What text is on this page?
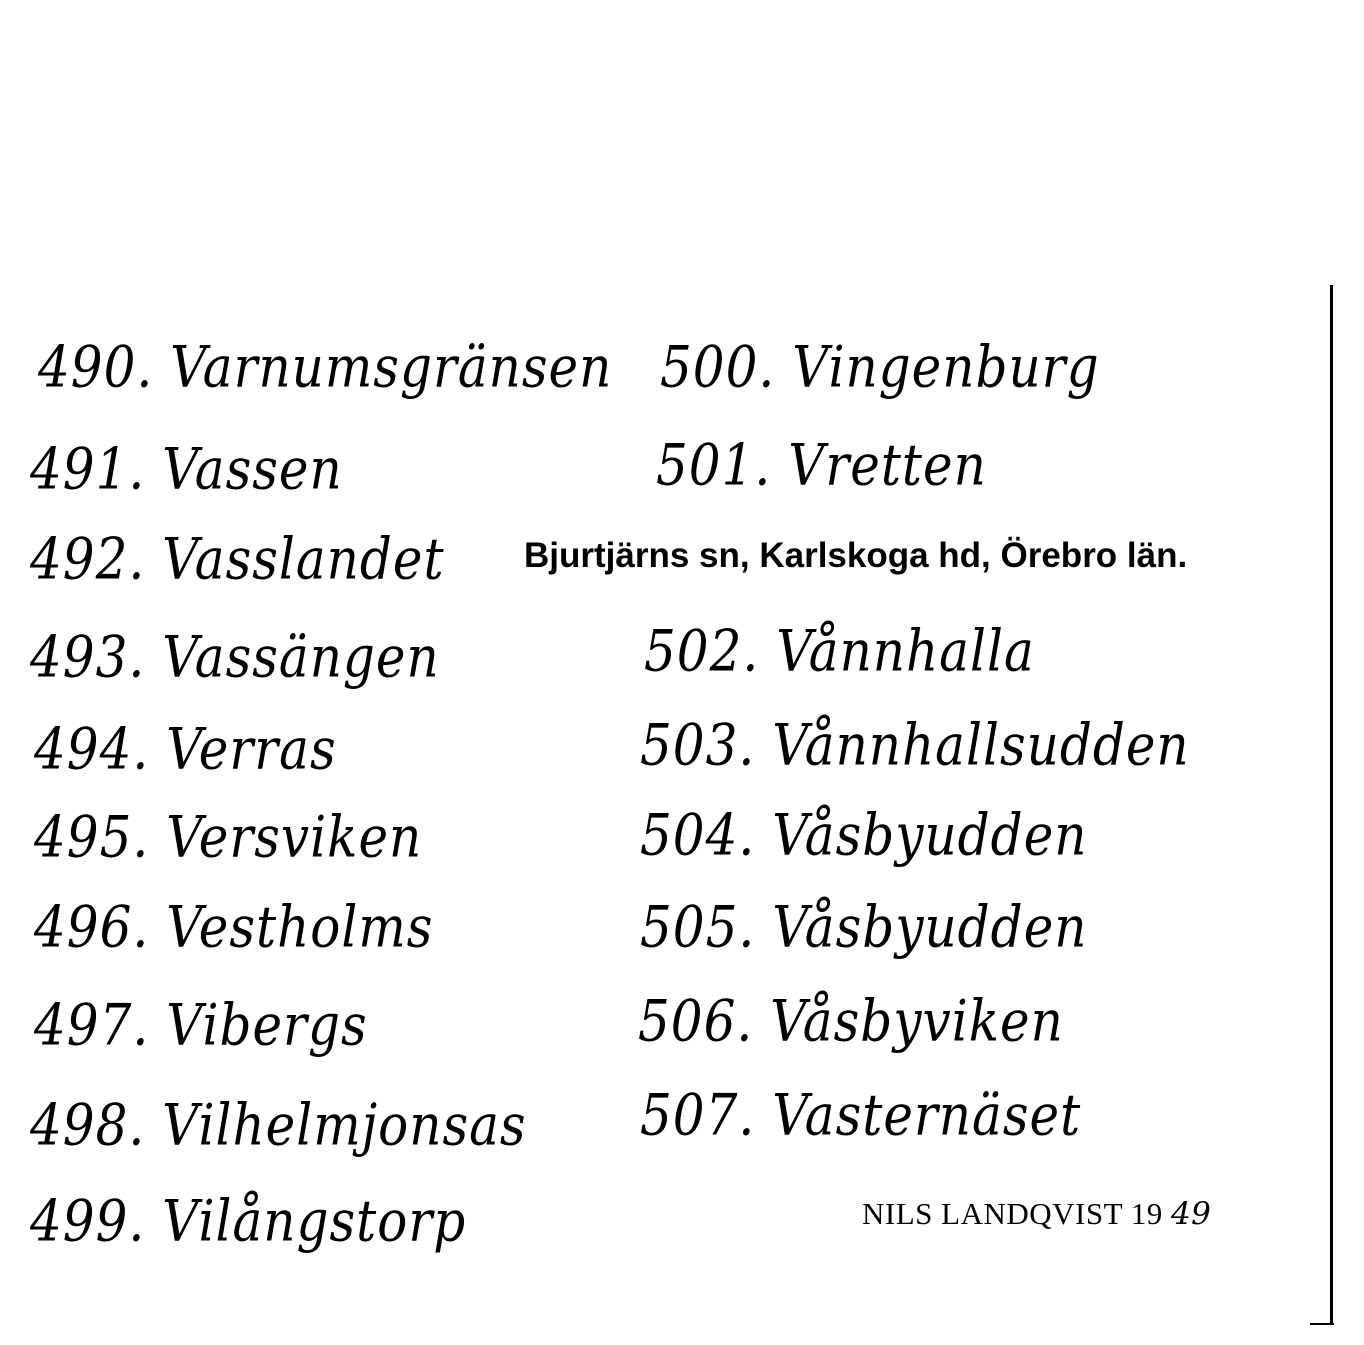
490. Varnumsgränsen
491. Vassen
492. Vasslandet
493. Vassängen
494. Verras
495. Versviken
496. Vestholms
497. Vibergs
498. Vilhelmjonsas
499. Vilångstorp
500. Vingenburg
501. Vretten
502. Vånnhalla
503. Vånnhallsudden
504. Våsbyudden
505. Våsbyudden
506. Våsbyviken
507. Vasternäset
Bjurtjärns sn, Karlskoga hd, Örebro län.
NILS LANDQVIST 19 49
